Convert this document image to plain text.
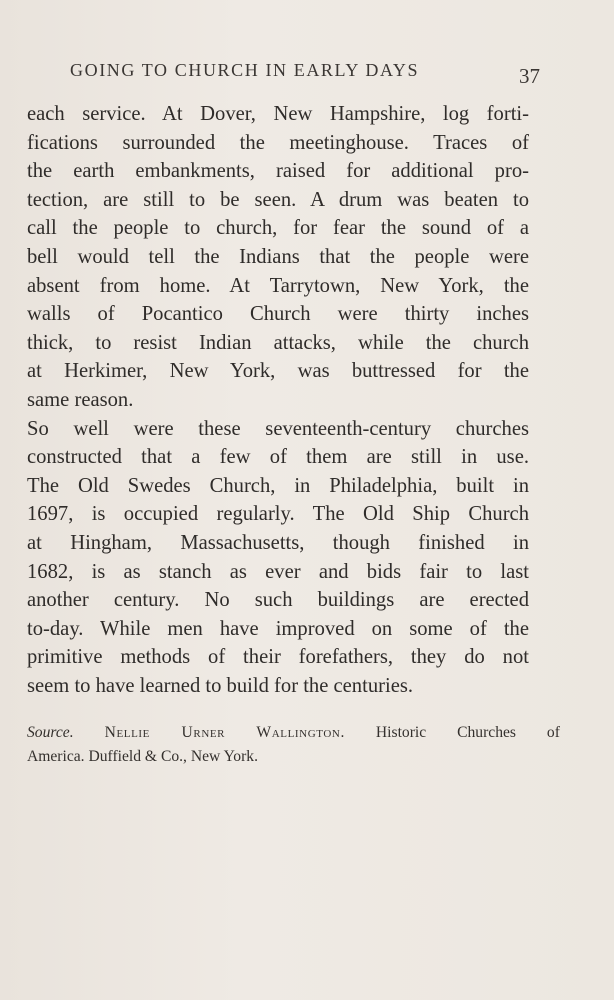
GOING TO CHURCH IN EARLY DAYS	37
each service. At Dover, New Hampshire, log forti-
fications surrounded the meetinghouse. Traces of
the earth embankments, raised for additional pro-
tection, are still to be seen. A drum was beaten to
call the people to church, for fear the sound of a
bell would tell the Indians that the people were
absent from home. At Tarrytown, New York, the
walls of Pocantico Church were thirty inches
thick, to resist Indian attacks, while the church
at Herkimer, New York, was buttressed for the
same reason.
So well were these seventeenth-century churches
constructed that a few of them are still in use.
The Old Swedes Church, in Philadelphia, built in
1697, is occupied regularly. The Old Ship Church
at Hingham, Massachusetts, though finished in
1682, is as stanch as ever and bids fair to last
another century. No such buildings are erected
to-day. While men have improved on some of the
primitive methods of their forefathers, they do not
seem to have learned to build for the centuries.
Source. Nellie Urner Wallington. Historic Churches of
America. Duffield & Co., New York.
